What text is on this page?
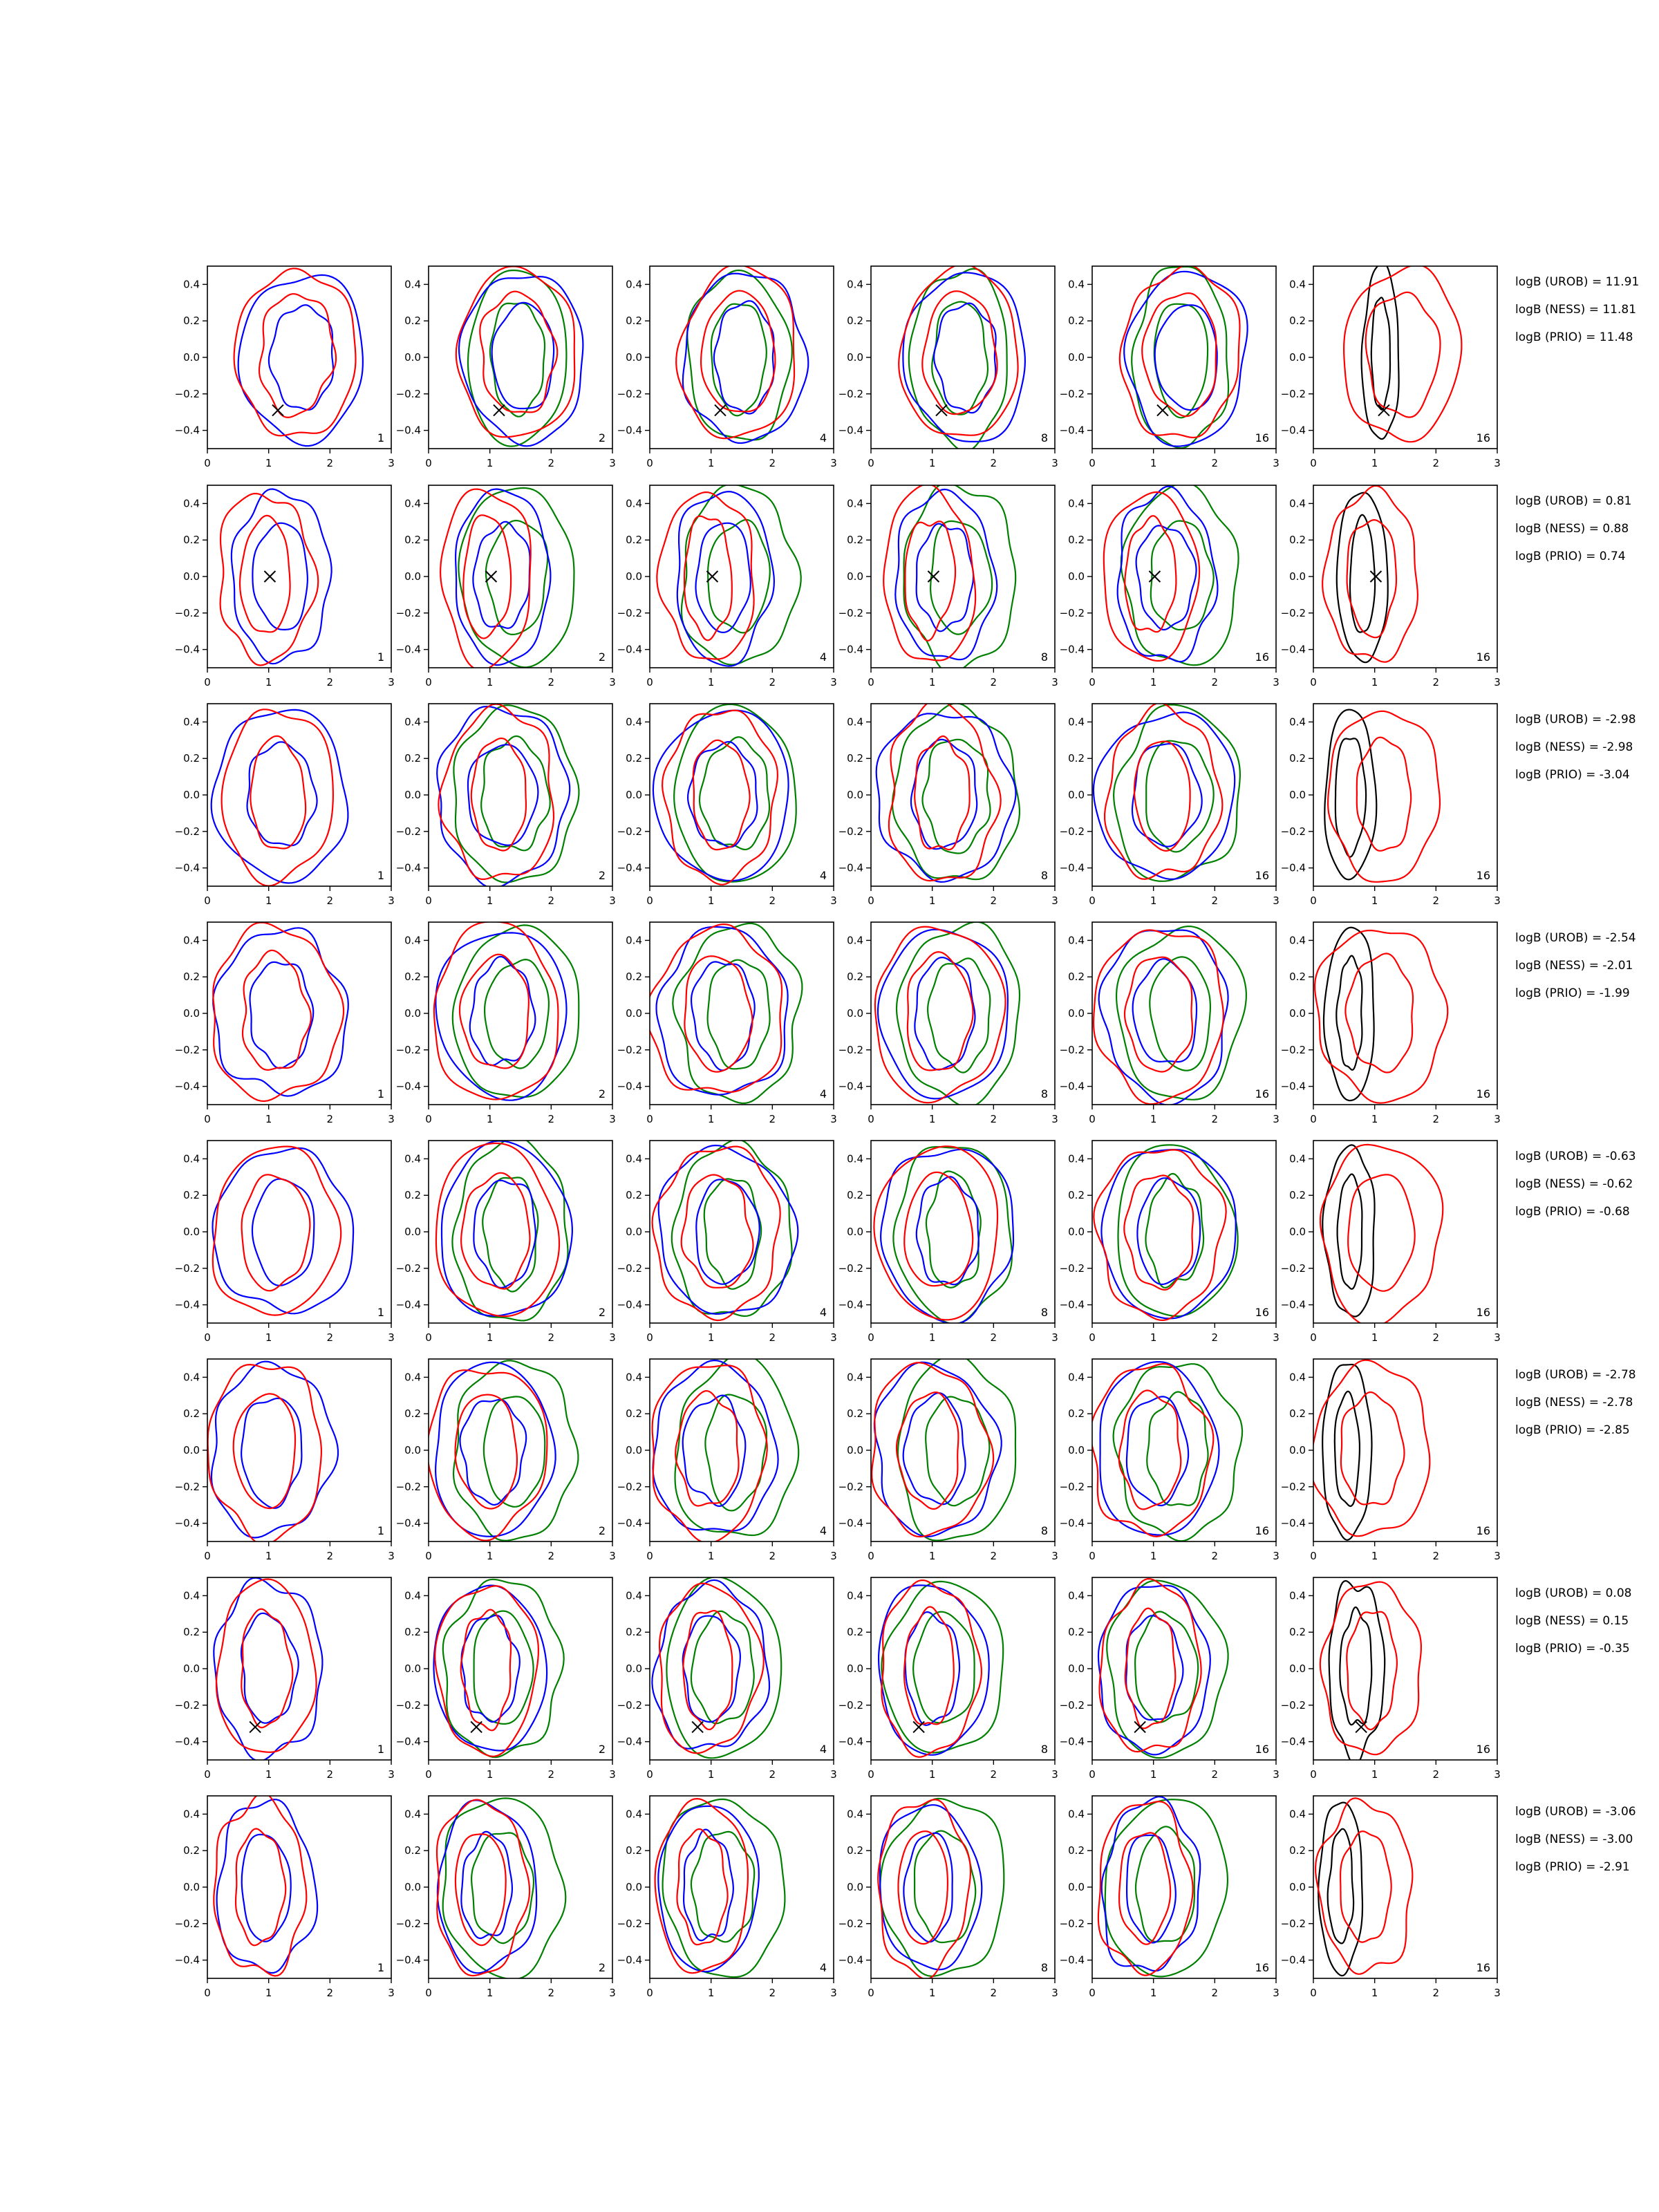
0	1	2	3
−0.4
−0.2
0.0
0.2
0.4
1
0	1	2	3
−0.4
−0.2
0.0
0.2
0.4
2
0	1	2	3
−0.4
−0.2
0.0
0.2
0.4
4
0	1	2	3
−0.4
−0.2
0.0
0.2
0.4
8
0	1	2	3
−0.4
−0.2
0.0
0.2
0.4
16
0	1	2	3
−0.4
−0.2
0.0
0.2
0.4
16
logB (UROB) = 11.91
logB (NESS) = 11.81
logB (PRIO) = 11.48
0	1	2	3
−0.4
−0.2
0.0
0.2
0.4
1
0	1	2	3
−0.4
−0.2
0.0
0.2
0.4
2
0	1	2	3
−0.4
−0.2
0.0
0.2
0.4
4
0	1	2	3
−0.4
−0.2
0.0
0.2
0.4
8
0	1	2	3
−0.4
−0.2
0.0
0.2
0.4
16
0	1	2	3
−0.4
−0.2
0.0
0.2
0.4
16
logB (UROB) = 0.81
logB (NESS) = 0.88
logB (PRIO) = 0.74
0	1	2	3
−0.4
−0.2
0.0
0.2
0.4
1
0	1	2	3
−0.4
−0.2
0.0
0.2
0.4
2
0	1	2	3
−0.4
−0.2
0.0
0.2
0.4
4
0	1	2	3
−0.4
−0.2
0.0
0.2
0.4
8
0	1	2	3
−0.4
−0.2
0.0
0.2
0.4
16
0	1	2	3
−0.4
−0.2
0.0
0.2
0.4
16
logB (UROB) = -2.98
logB (NESS) = -2.98
logB (PRIO) = -3.04
0	1	2	3
−0.4
−0.2
0.0
0.2
0.4
1
0	1	2	3
−0.4
−0.2
0.0
0.2
0.4
2
0	1	2	3
−0.4
−0.2
0.0
0.2
0.4
4
0	1	2	3
−0.4
−0.2
0.0
0.2
0.4
8
0	1	2	3
−0.4
−0.2
0.0
0.2
0.4
16
0	1	2	3
−0.4
−0.2
0.0
0.2
0.4
16
logB (UROB) = -2.54
logB (NESS) = -2.01
logB (PRIO) = -1.99
0	1	2	3
−0.4
−0.2
0.0
0.2
0.4
1
0	1	2	3
−0.4
−0.2
0.0
0.2
0.4
2
0	1	2	3
−0.4
−0.2
0.0
0.2
0.4
4
0	1	2	3
−0.4
−0.2
0.0
0.2
0.4
8
0	1	2	3
−0.4
−0.2
0.0
0.2
0.4
16
0	1	2	3
−0.4
−0.2
0.0
0.2
0.4
16
logB (UROB) = -0.63
logB (NESS) = -0.62
logB (PRIO) = -0.68
0	1	2	3
−0.4
−0.2
0.0
0.2
0.4
1
0	1	2	3
−0.4
−0.2
0.0
0.2
0.4
2
0	1	2	3
−0.4
−0.2
0.0
0.2
0.4
4
0	1	2	3
−0.4
−0.2
0.0
0.2
0.4
8
0	1	2	3
−0.4
−0.2
0.0
0.2
0.4
16
0	1	2	3
−0.4
−0.2
0.0
0.2
0.4
16
logB (UROB) = -2.78
logB (NESS) = -2.78
logB (PRIO) = -2.85
0	1	2	3
−0.4
−0.2
0.0
0.2
0.4
1
0	1	2	3
−0.4
−0.2
0.0
0.2
0.4
2
0	1	2	3
−0.4
−0.2
0.0
0.2
0.4
4
0	1	2	3
−0.4
−0.2
0.0
0.2
0.4
8
0	1	2	3
−0.4
−0.2
0.0
0.2
0.4
16
0	1	2	3
−0.4
−0.2
0.0
0.2
0.4
16
logB (UROB) = 0.08
logB (NESS) = 0.15
logB (PRIO) = -0.35
0	1	2	3
−0.4
−0.2
0.0
0.2
0.4
1
0	1	2	3
−0.4
−0.2
0.0
0.2
0.4
2
0	1	2	3
−0.4
−0.2
0.0
0.2
0.4
4
0	1	2	3
−0.4
−0.2
0.0
0.2
0.4
8
0	1	2	3
−0.4
−0.2
0.0
0.2
0.4
16
0	1	2	3
−0.4
−0.2
0.0
0.2
0.4
16
logB (UROB) = -3.06
logB (NESS) = -3.00
logB (PRIO) = -2.91
